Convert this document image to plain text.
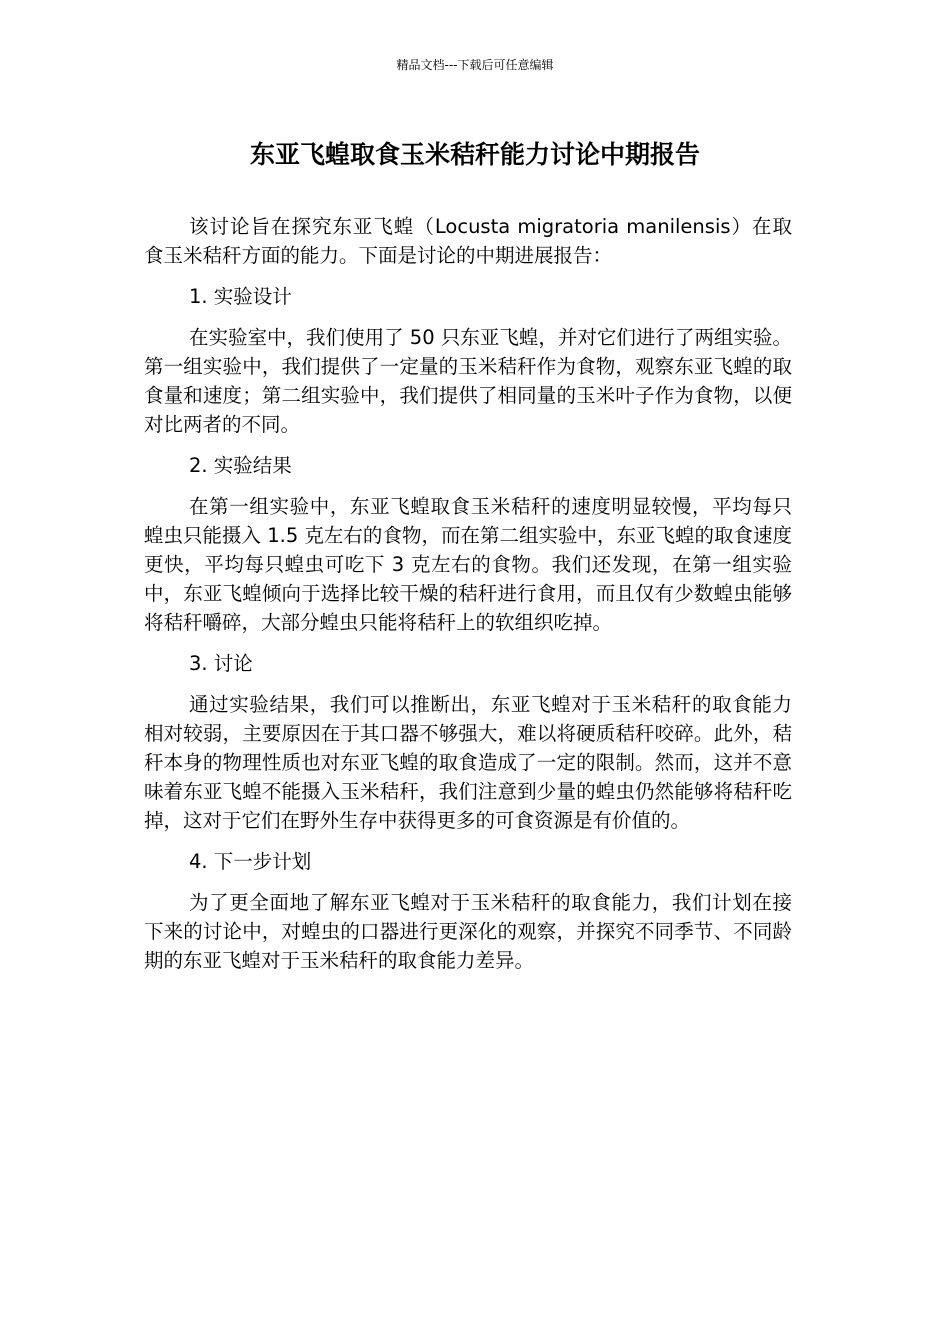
精品文档---下载后可任意编辑
东亚飞蝗取食玉米秸秆能力讨论中期报告

该讨论旨在探究东亚飞蝗（Locusta migratoria manilensis）在取食玉米秸秆方面的能力。下面是讨论的中期进展报告：

1. 实验设计

在实验室中，我们使用了 50 只东亚飞蝗，并对它们进行了两组实验。第一组实验中，我们提供了一定量的玉米秸秆作为食物，观察东亚飞蝗的取食量和速度；第二组实验中，我们提供了相同量的玉米叶子作为食物，以便对比两者的不同。

2. 实验结果

在第一组实验中，东亚飞蝗取食玉米秸秆的速度明显较慢，平均每只蝗虫只能摄入 1.5 克左右的食物，而在第二组实验中，东亚飞蝗的取食速度更快，平均每只蝗虫可吃下 3 克左右的食物。我们还发现，在第一组实验中，东亚飞蝗倾向于选择比较干燥的秸秆进行食用，而且仅有少数蝗虫能够将秸秆嚼碎，大部分蝗虫只能将秸秆上的软组织吃掉。

3. 讨论

通过实验结果，我们可以推断出，东亚飞蝗对于玉米秸秆的取食能力相对较弱，主要原因在于其口器不够强大，难以将硬质秸秆咬碎。此外，秸秆本身的物理性质也对东亚飞蝗的取食造成了一定的限制。然而，这并不意味着东亚飞蝗不能摄入玉米秸秆，我们注意到少量的蝗虫仍然能够将秸秆吃掉，这对于它们在野外生存中获得更多的可食资源是有价值的。

4. 下一步计划

为了更全面地了解东亚飞蝗对于玉米秸秆的取食能力，我们计划在接下来的讨论中，对蝗虫的口器进行更深化的观察，并探究不同季节、不同龄期的东亚飞蝗对于玉米秸秆的取食能力差异。
